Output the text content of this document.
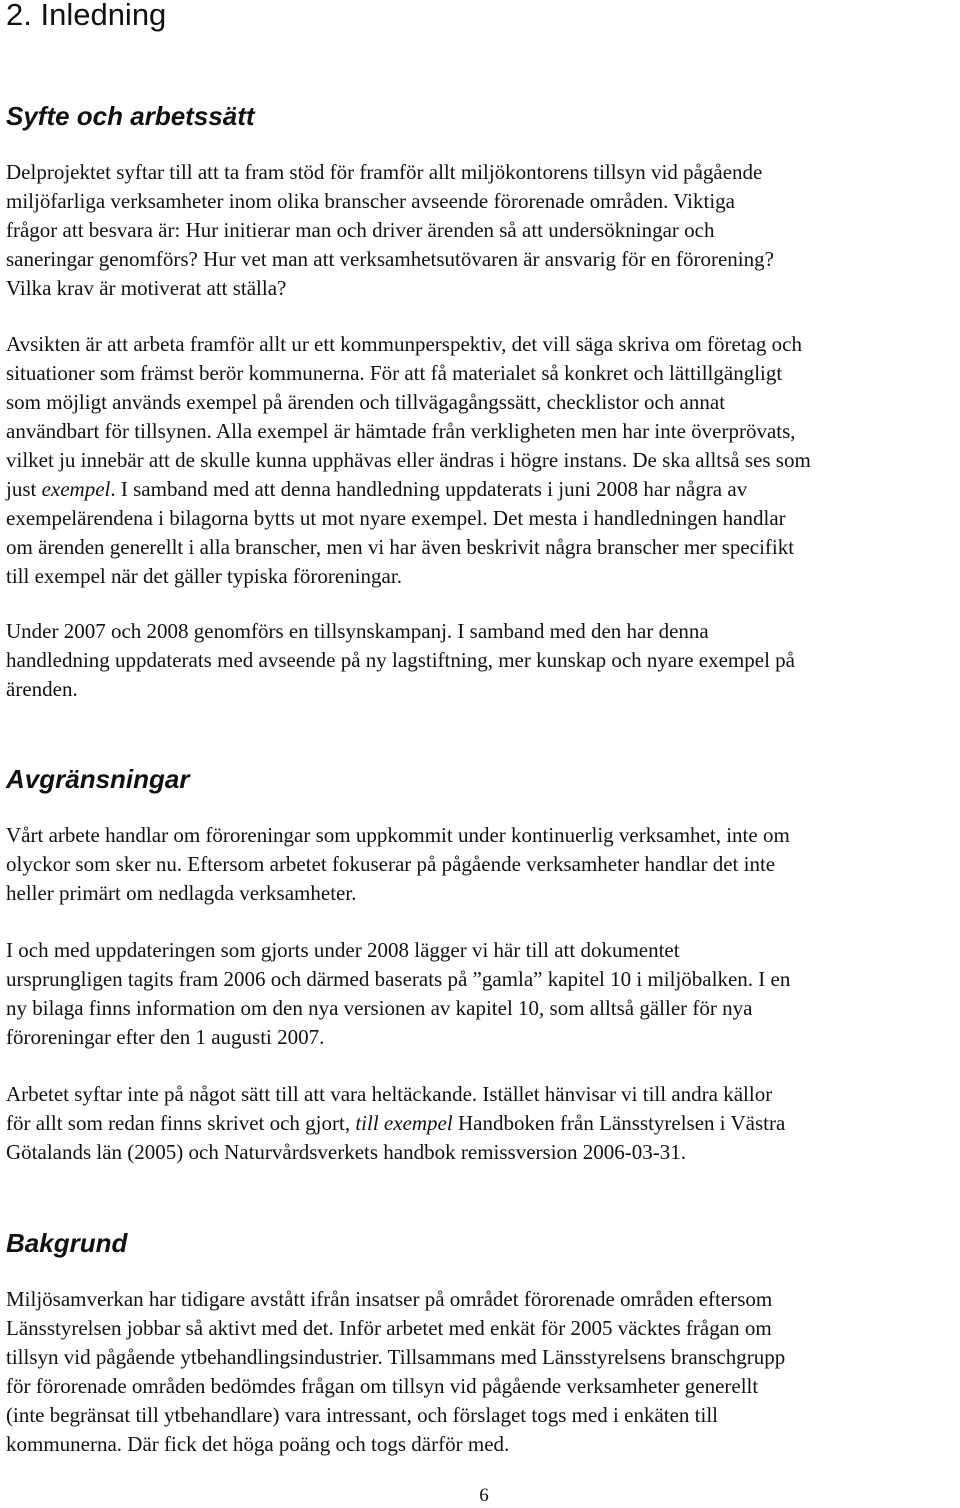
2. Inledning
Syfte och arbetssätt
Delprojektet syftar till att ta fram stöd för framför allt miljökontorens tillsyn vid pågående
miljöfarliga verksamheter inom olika branscher avseende förorenade områden. Viktiga
frågor att besvara är: Hur initierar man och driver ärenden så att undersökningar och
saneringar genomförs? Hur vet man att verksamhetsutövaren är ansvarig för en förorening?
Vilka krav är motiverat att ställa?
Avsikten är att arbeta framför allt ur ett kommunperspektiv, det vill säga skriva om företag och
situationer som främst berör kommunerna. För att få materialet så konkret och lättillgängligt
som möjligt används exempel på ärenden och tillvägagångssätt, checklistor och annat
användbart för tillsynen. Alla exempel är hämtade från verkligheten men har inte överprövats,
vilket ju innebär att de skulle kunna upphävas eller ändras i högre instans. De ska alltså ses som
just exempel. I samband med att denna handledning uppdaterats i juni 2008 har några av
exempelärendena i bilagorna bytts ut mot nyare exempel. Det mesta i handledningen handlar
om ärenden generellt i alla branscher, men vi har även beskrivit några branscher mer specifikt
till exempel när det gäller typiska föroreningar.
Under 2007 och 2008 genomförs en tillsynskampanj. I samband med den har denna
handledning uppdaterats med avseende på ny lagstiftning, mer kunskap och nyare exempel på
ärenden.
Avgränsningar
Vårt arbete handlar om föroreningar som uppkommit under kontinuerlig verksamhet, inte om
olyckor som sker nu. Eftersom arbetet fokuserar på pågående verksamheter handlar det inte
heller primärt om nedlagda verksamheter.
I och med uppdateringen som gjorts under 2008 lägger vi här till att dokumentet
ursprungligen tagits fram 2006 och därmed baserats på ”gamla” kapitel 10 i miljöbalken. I en
ny bilaga finns information om den nya versionen av kapitel 10, som alltså gäller för nya
föroreningar efter den 1 augusti 2007.
Arbetet syftar inte på något sätt till att vara heltäckande. Istället hänvisar vi till andra källor
för allt som redan finns skrivet och gjort, till exempel Handboken från Länsstyrelsen i Västra
Götalands län (2005) och Naturvårdsverkets handbok remissversion 2006-03-31.
Bakgrund
Miljösamverkan har tidigare avstått ifrån insatser på området förorenade områden eftersom
Länsstyrelsen jobbar så aktivt med det. Inför arbetet med enkät för 2005 väcktes frågan om
tillsyn vid pågående ytbehandlingsindustrier. Tillsammans med Länsstyrelsens branschgrupp
för förorenade områden bedömdes frågan om tillsyn vid pågående verksamheter generellt
(inte begränsat till ytbehandlare) vara intressant, och förslaget togs med i enkäten till
kommunerna. Där fick det höga poäng och togs därför med.
6
